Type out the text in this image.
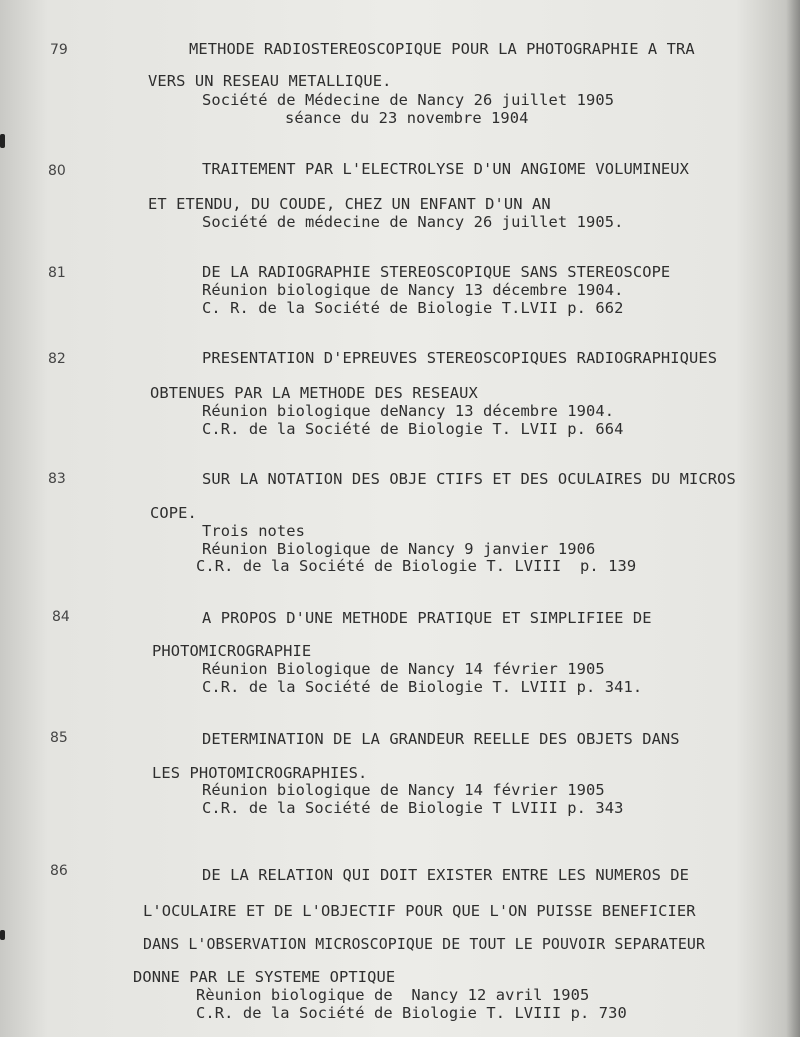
79	METHODE RADIOSTEREOSCOPIQUE POUR LA PHOTOGRAPHIE A TRA
VERS UN RESEAU METALLIQUE.
Société de Médecine de Nancy 26 juillet 1905
séance du 23 novembre 1904
80	TRAITEMENT PAR L'ELECTROLYSE D'UN ANGIOME VOLUMINEUX
ET ETENDU, DU COUDE, CHEZ UN ENFANT D'UN AN
Société de médecine de Nancy 26 juillet 1905.
81	DE LA RADIOGRAPHIE STEREOSCOPIQUE SANS STEREOSCOPE
Réunion biologique de Nancy 13 décembre 1904.
C. R. de la Société de Biologie T.LVII p. 662
82	PRESENTATION D'EPREUVES STEREOSCOPIQUES RADIOGRAPHIQUES
OBTENUES PAR LA METHODE DES RESEAUX
Réunion biologique deNancy 13 décembre 1904.
C.R. de la Société de Biologie T. LVII p. 664
83	SUR LA NOTATION DES OBJE CTIFS ET DES OCULAIRES DU MICROS
COPE.
Trois notes
Réunion Biologique de Nancy 9 janvier 1906
C.R. de la Société de Biologie T. LVIII  p. 139
84	A PROPOS D'UNE METHODE PRATIQUE ET SIMPLIFIEE DE
PHOTOMICROGRAPHIE
Réunion Biologique de Nancy 14 février 1905
C.R. de la Société de Biologie T. LVIII p. 341.
85	DETERMINATION DE LA GRANDEUR REELLE DES OBJETS DANS
LES PHOTOMICROGRAPHIES.
Réunion biologique de Nancy 14 février 1905
C.R. de la Société de Biologie T LVIII p. 343
86	DE LA RELATION QUI DOIT EXISTER ENTRE LES NUMEROS DE
L'OCULAIRE ET DE L'OBJECTIF POUR QUE L'ON PUISSE BENEFICIER
DANS L'OBSERVATION MICROSCOPIQUE DE TOUT LE POUVOIR SEPARATEUR
DONNE PAR LE SYSTEME OPTIQUE
Rèunion biologique de  Nancy 12 avril 1905
C.R. de la Société de Biologie T. LVIII p. 730
